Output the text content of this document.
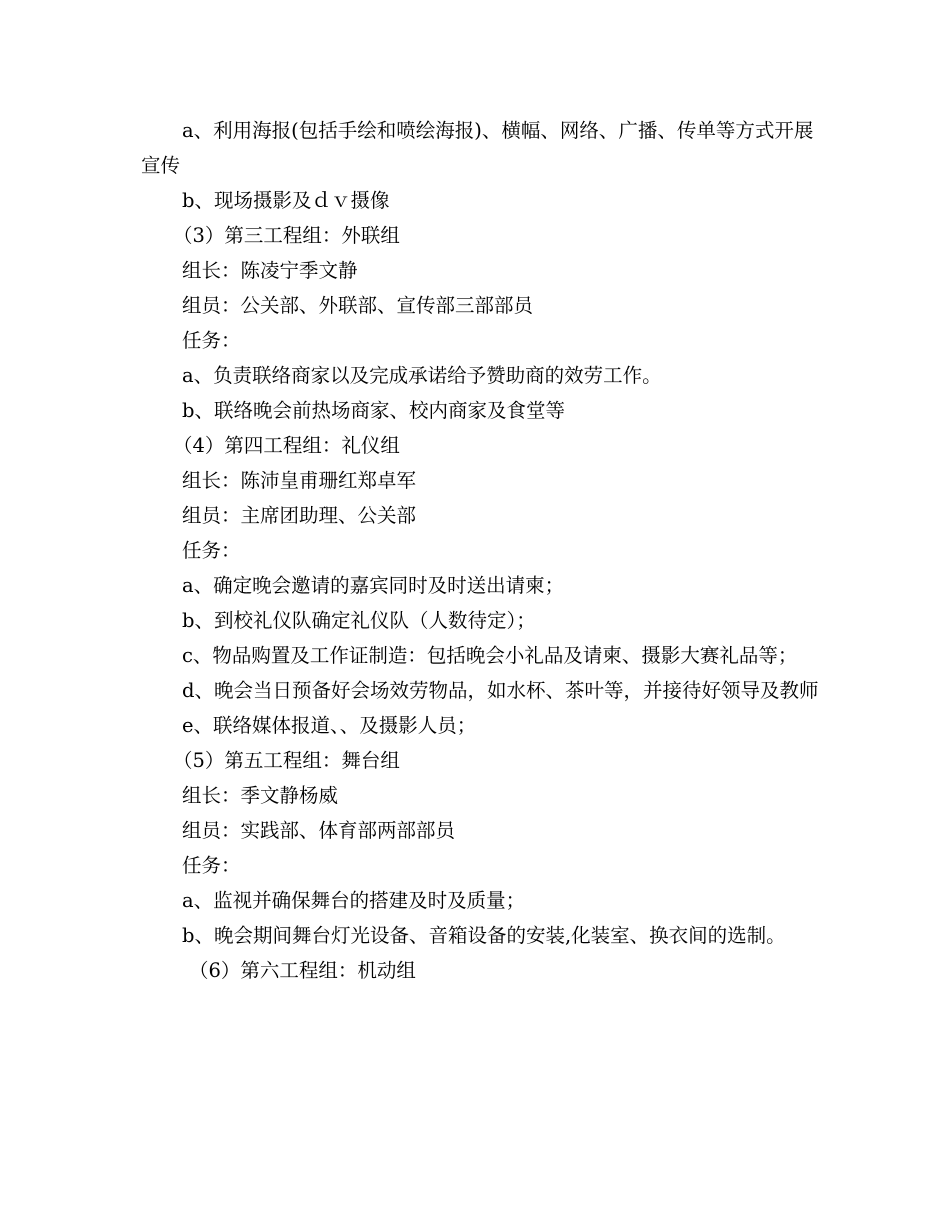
a、利用海报(包括手绘和喷绘海报)、横幅、网络、广播、传单等方式开展宣传

b、现场摄影及ｄｖ摄像

（3）第三工程组：外联组

组长：陈凌宁季文静

组员：公关部、外联部、宣传部三部部员

任务：

a、负责联络商家以及完成承诺给予赞助商的效劳工作。

b、联络晚会前热场商家、校内商家及食堂等

（4）第四工程组：礼仪组

组长：陈沛皇甫珊红郑卓军

组员：主席团助理、公关部

任务：

a、确定晚会邀请的嘉宾同时及时送出请柬；

b、到校礼仪队确定礼仪队（人数待定）；

c、物品购置及工作证制造：包括晚会小礼品及请柬、摄影大赛礼品等；

d、晚会当日预备好会场效劳物品，如水杯、茶叶等，并接待好领导及教师

e、联络媒体报道、、及摄影人员；

（5）第五工程组：舞台组

组长：季文静杨威

组员：实践部、体育部两部部员

任务：

a、监视并确保舞台的搭建及时及质量；

b、晚会期间舞台灯光设备、音箱设备的安装,化装室、换衣间的选制。

（6）第六工程组：机动组
